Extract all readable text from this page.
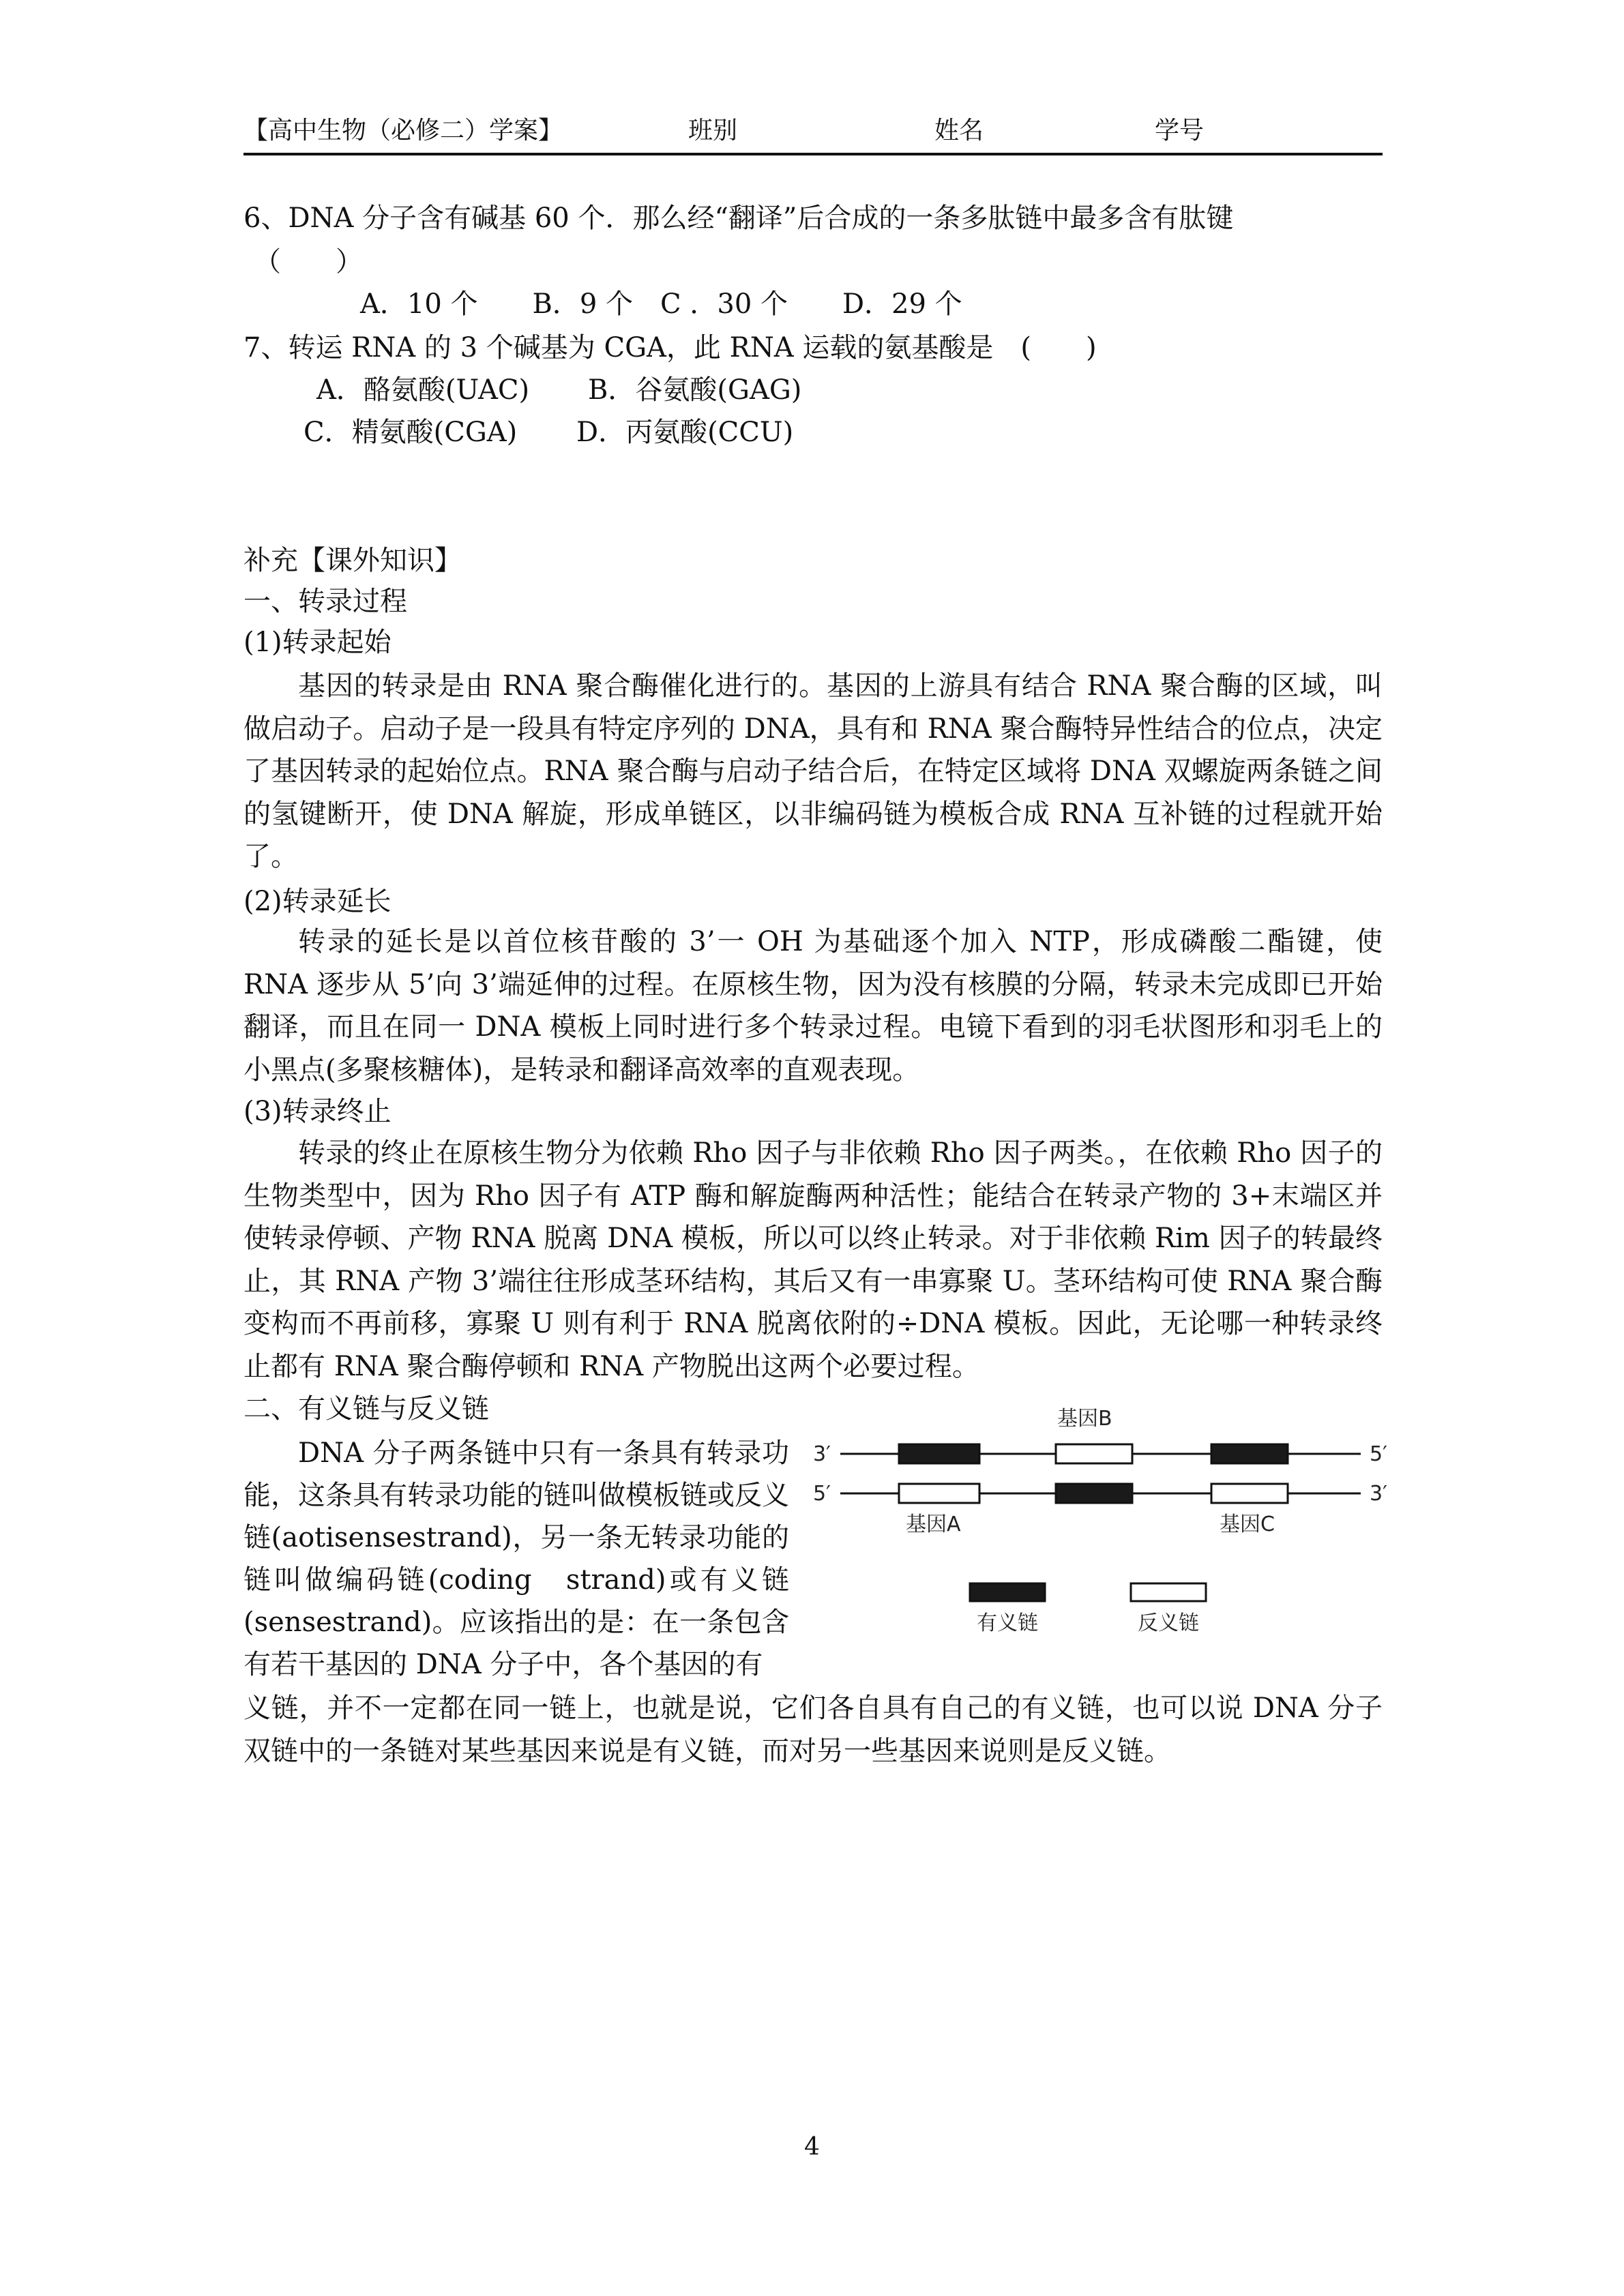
【高中生物（必修二）学案】	班别	姓名	学号
6、DNA 分子含有碱基 60 个．那么经“翻译”后合成的一条多肽链中最多含有肽键
（　　）
A．10 个　　B．9 个　C ．30 个　　D．29 个
7、转运 RNA 的 3 个碱基为 CGA，此 RNA 运载的氨基酸是　(　　)
A．酪氨酸(UAC) B．谷氨酸(GAG)
C．精氨酸(CGA) D．丙氨酸(CCU)
补充【课外知识】
一、转录过程
(1)转录起始
基因的转录是由 RNA 聚合酶催化进行的。基因的上游具有结合 RNA 聚合酶的区域，叫做启动子。启动子是一段具有特定序列的 DNA，具有和 RNA 聚合酶特异性结合的位点，决定了基因转录的起始位点。RNA 聚合酶与启动子结合后，在特定区域将 DNA 双螺旋两条链之间的氢键断开，使 DNA 解旋，形成单链区，以非编码链为模板合成 RNA 互补链的过程就开始了。
(2)转录延长
转录的延长是以首位核苷酸的 3’一 OH 为基础逐个加入 NTP，形成磷酸二酯键，使 RNA 逐步从 5’向 3’端延伸的过程。在原核生物，因为没有核膜的分隔，转录未完成即已开始翻译，而且在同一 DNA 模板上同时进行多个转录过程。电镜下看到的羽毛状图形和羽毛上的小黑点(多聚核糖体)，是转录和翻译高效率的直观表现。
(3)转录终止
转录的终止在原核生物分为依赖 Rho 因子与非依赖 Rho 因子两类。，在依赖 Rho 因子的生物类型中，因为 Rho 因子有 ATP 酶和解旋酶两种活性；能结合在转录产物的 3+末端区并使转录停顿、产物 RNA 脱离 DNA 模板，所以可以终止转录。对于非依赖 Rim 因子的转最终止，其 RNA 产物 3’端往往形成茎环结构，其后又有一串寡聚 U。茎环结构可使 RNA 聚合酶变构而不再前移，寡聚 U 则有利于 RNA 脱离依附的÷DNA 模板。因此，无论哪一种转录终止都有 RNA 聚合酶停顿和 RNA 产物脱出这两个必要过程。
二、有义链与反义链
DNA 分子两条链中只有一条具有转录功能，这条具有转录功能的链叫做模板链或反义链(aotisensestrand)，另一条无转录功能的链叫做编码链(coding　strand)或有义链(sensestrand)。应该指出的是：在一条包含有若干基因的 DNA 分子中，各个基因的有
义链，并不一定都在同一链上，也就是说，它们各自具有自己的有义链，也可以说 DNA 分子双链中的一条链对某些基因来说是有义链，而对另一些基因来说则是反义链。
基因B
3′	5′
5′	3′
基因A	基因C
有义链	反义链
4
